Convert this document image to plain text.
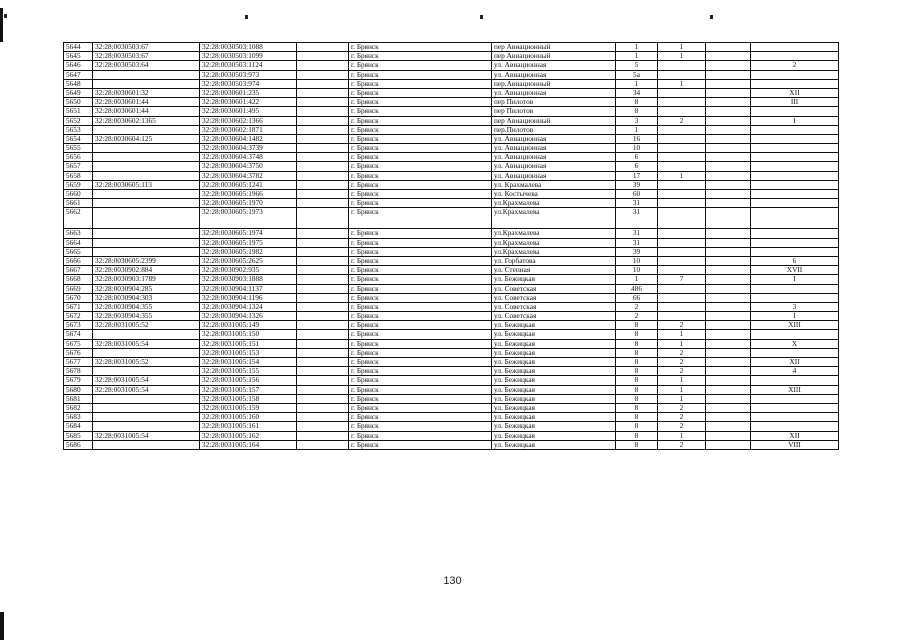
5644	32:28:0030503:67	32:28:0030503:1088		г. Брянск	пер Авиационный	1	1		
5645	32:28:0030503:67	32:28:0030503:1099		г. Брянск	пер Авиационный	1	1		
5646	32:28:0030503:64	32:28:0030503:1124		г. Брянск	ул. Авиационная	5			2
5647		32:28:0030503:973		г. Брянск	ул. Авиационная	5а			
5648		32:28:0030503:974		г. Брянск	пер.Авиационный	1	1		
5649	32:28:0030601:32	32:28:0030601:235		г. Брянск	ул. Авиационная	34			XII
5650	32:28:0030601:44	32:28:0030601:422		г. Брянск	пер Пилотов	8			III
5651	32:28:0030601:44	32:28:0030601:495		г. Брянск	пер Пилотов	8			
5652	32:28:0030602:1365	32:28:0030602:1366		г. Брянск	пер Авиационный	3	2		I
5653		32:28:0030602:1871		г. Брянск	пер.Пилотов	1			
5654	32:28:0030604:125	32:28:0030604:1482		г. Брянск	ул. Авиационная	16			
5655		32:28:0030604:3739		г. Брянск	ул. Авиационная	10			
5656		32:28:0030604:3748		г. Брянск	ул. Авиационная	6			
5657		32:28:0030604:3750		г. Брянск	ул. Авиационная	6			
5658		32:28:0030604:3782		г. Брянск	ул. Авиационная	17	1		
5659	32:28:0030605:113	32:28:0030605:1241		г. Брянск	ул. Крахмалева	39			
5660		32:28:0030605:1966		г. Брянск	ул. Костычева	60			
5661		32:28:0030605:1970		г. Брянск	ул.Крахмалева	31			
5662		32:28:0030605:1973		г. Брянск	ул.Крахмалева	31			
5663		32:28:0030605:1974		г. Брянск	ул.Крахмалева	31			
5664		32:28:0030605:1975		г. Брянск	ул.Крахмалева	31			
5665		32:28:0030605:1982		г. Брянск	ул.Крахмалева	39			
5666	32:28:0030605:2399	32:28:0030605:2625		г. Брянск	ул. Горбатова	10			6
5667	32:28:0030902:884	32:28:0030902:935		г. Брянск	ул. Степная	10			XVII
5668	32:28:0030903:1789	32:28:0030903:1888		г. Брянск	ул. Бежицкая	1	7		I
5669	32:28:0030904:285	32:28:0030904:1137		г. Брянск	ул. Советская	486			
5670	32:28:0030904:303	32:28:0030904:1196		г. Брянск	ул. Советская	66			
5671	32:28:0030904:355	32:28:0030904:1324		г. Брянск	ул. Советская	2			3
5672	32:28:0030904:355	32:28:0030904:1326		г. Брянск	ул. Советская	2			I
5673	32:28:0031005:52	32:28:0031005:149		г. Брянск	ул. Бежицкая	8	2		XIII
5674		32:28:0031005:150		г. Брянск	ул. Бежицкая	8	1		
5675	32:28:0031005:54	32:28:0031005:151		г. Брянск	ул. Бежицкая	8	1		X
5676		32:28:0031005:153		г. Брянск	ул. Бежицкая	8	2		
5677	32:28:0031005:52	32:28:0031005:154		г. Брянск	ул. Бежицкая	8	2		XII
5678		32:28:0031005:155		г. Брянск	ул. Бежицкая	8	2		4
5679	32:28:0031005:54	32:28:0031005:156		г. Брянск	ул. Бежицкая	8	1		
5680	32:28:0031005:54	32:28:0031005:157		г. Брянск	ул. Бежицкая	8	1		XIII
5681		32:28:0031005:158		г. Брянск	ул. Бежицкая	8	1		
5682		32:28:0031005:159		г. Брянск	ул. Бежицкая	8	2		
5683		32:28:0031005:160		г. Брянск	ул. Бежицкая	8	2		
5684		32:28:0031005:161		г. Брянск	ул. Бежицкая	8	2		
5685	32:28:0031005:54	32:28:0031005:162		г. Брянск	ул. Бежицкая	8	1		XII
5686		32:28:0031005:164		г. Брянск	ул. Бежицкая	8	2		VIII
130
